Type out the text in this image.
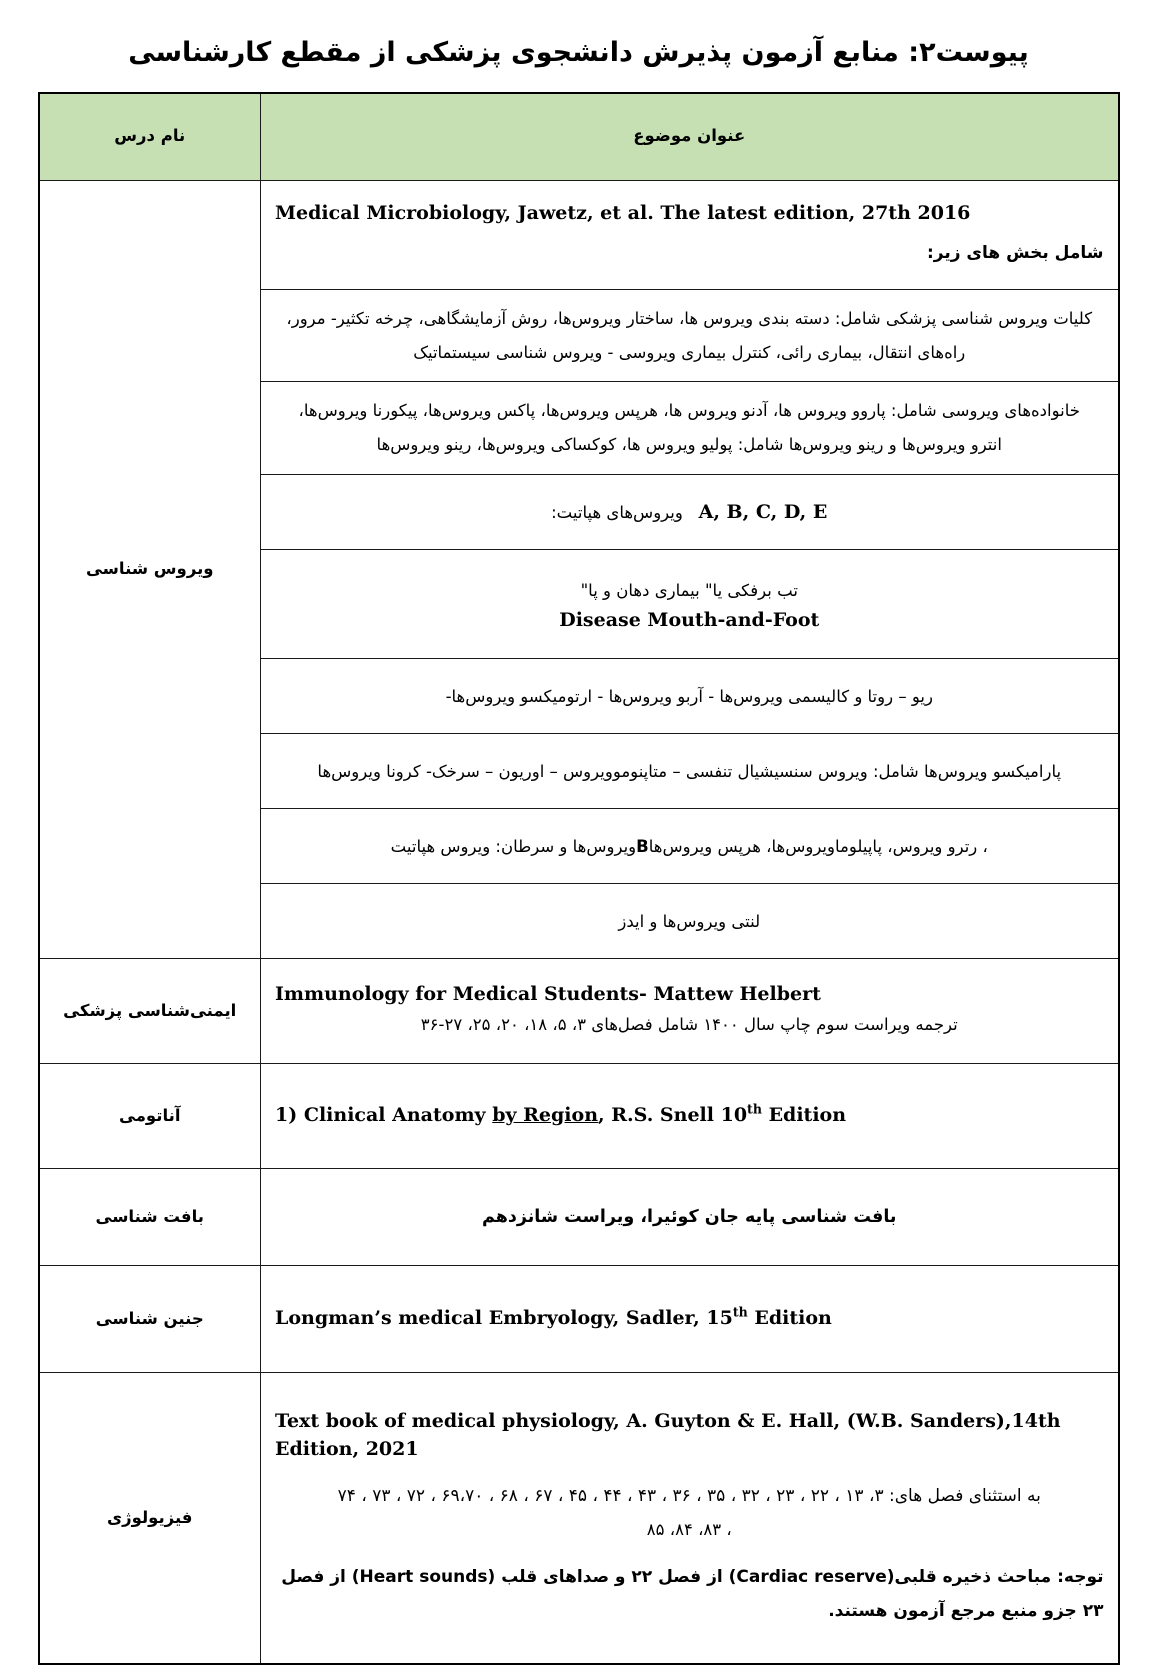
پیوست۲: منابع آزمون پذیرش دانشجوی پزشکی از مقطع کارشناسی
عنوان موضوع	نام درس

Medical Microbiology, Jawetz, et al. The latest edition, 27th 2016
شامل بخش های زیر:	ویروس شناسی

کلیات ویروس شناسی پزشکی شامل: دسته بندی ویروس ها، ساختار ویروس‌ها، روش آزمایشگاهی، چرخه تکثیر- مرور، راه‌های انتقال، بیماری رائی، کنترل بیماری ویروسی - ویروس شناسی سیستماتیک	

خانواده‌های ویروسی شامل: پاروو ویروس ها، آدنو ویروس ها، هرپس ویروس‌ها، پاکس ویروس‌ها، پیکورنا ویروس‌ها، انترو ویروس‌ها و رینو ویروس‌ها شامل: پولیو ویروس ها، کوکساکی ویروس‌ها، رینو ویروس‌ها	

A, B, C, D, E   ویروس‌های هپاتیت:	

تب برفکی یا" بیماری دهان و پا"
Disease Mouth-and-Foot	

ریو – روتا و کالیسمی ویروس‌ها - آربو ویروس‌ها - ارتومیکسو ویروس‌ها-	

پارامیکسو ویروس‌ها شامل: ویروس سنسیشیال تنفسی – متاپنوموویروس – اوریون – سرخک- کرونا ویروس‌ها	

، رترو ویروس، پاپیلوماویروس‌ها، هرپس ویروس‌هاBویروس‌ها و سرطان: ویروس هپاتیت	

لنتی ویروس‌ها و ایدز	

Immunology for Medical Students- Mattew Helbert
ترجمه ویراست سوم چاپ سال ۱۴۰۰ شامل فصل‌های ۳، ۵، ۱۸، ۲۰، ۲۵، ۲۷-۳۶	ایمنی‌شناسی پزشکی

1) Clinical Anatomy by Region, R.S. Snell 10th Edition	آناتومی

بافت شناسی پایه جان کوئیرا، ویراست شانزدهم	بافت شناسی

Longman’s medical Embryology, Sadler, 15th Edition	جنین شناسی

Text book of medical physiology, A. Guyton & E. Hall, (W.B. Sanders),14th Edition, 2021
به استثنای فصل های: ۳، ۱۳ ، ۲۲ ، ۲۳ ، ۳۲ ، ۳۵ ، ۳۶ ، ۴۳ ، ۴۴ ، ۴۵ ، ۶۷ ، ۶۸ ، ۶۹،۷۰ ، ۷۲ ، ۷۳ ، ۷۴
، ۸۳، ۸۴، ۸۵
توجه: مباحث ذخیره قلبی(Cardiac reserve) از فصل ۲۲ و صداهای قلب (Heart sounds) از فصل ۲۳ جزو منبع مرجع آزمون هستند.	فیزیولوژی
